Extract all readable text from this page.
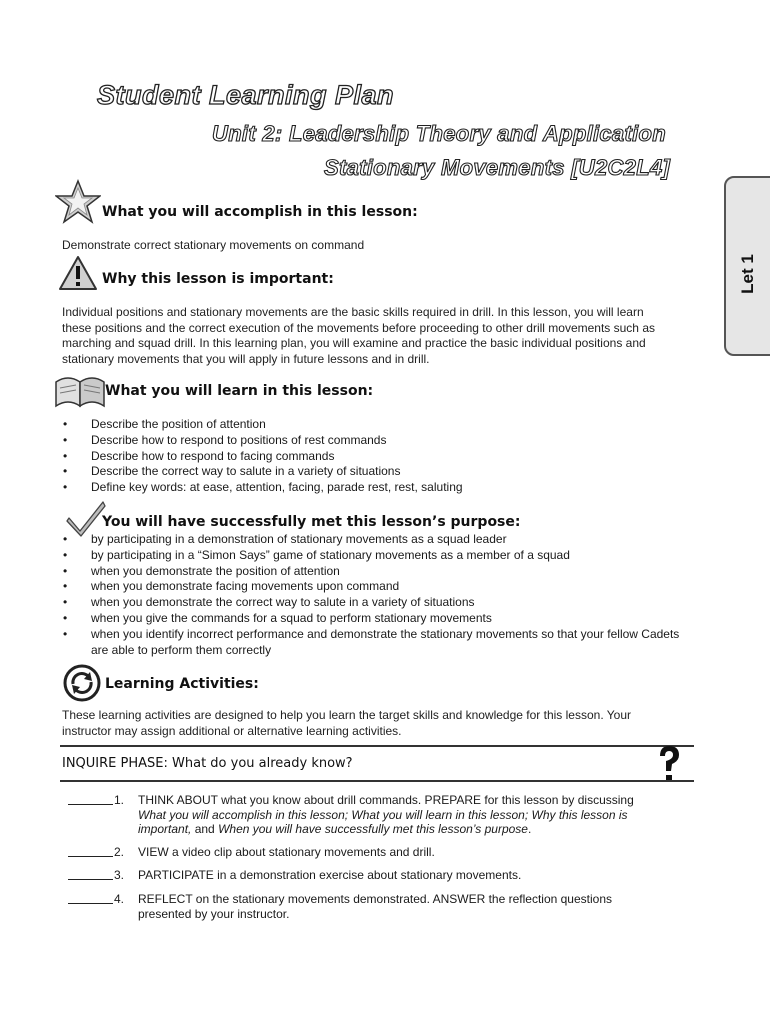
Student Learning Plan
Unit 2: Leadership Theory and Application
Stationary Movements [U2C2L4]
Let 1
What you will accomplish in this lesson:
Demonstrate correct stationary movements on command
Why this lesson is important:
Individual positions and stationary movements are the basic skills required in drill. In this lesson, you will learn these positions and the correct execution of the movements before proceeding to other drill movements such as marching and squad drill. In this learning plan, you will examine and practice the basic individual positions and stationary movements that you will apply in future lessons and in drill.
What you will learn in this lesson:
• Describe the position of attention
• Describe how to respond to positions of rest commands
• Describe how to respond to facing commands
• Describe the correct way to salute in a variety of situations
• Define key words: at ease, attention, facing, parade rest, rest, saluting
You will have successfully met this lesson’s purpose:
• by participating in a demonstration of stationary movements as a squad leader
• by participating in a “Simon Says” game of stationary movements as a member of a squad
• when you demonstrate the position of attention
• when you demonstrate facing movements upon command
• when you demonstrate the correct way to salute in a variety of situations
• when you give the commands for a squad to perform stationary movements
• when you identify incorrect performance and demonstrate the stationary movements so that your fellow Cadets are able to perform them correctly
Learning Activities:
These learning activities are designed to help you learn the target skills and knowledge for this lesson. Your instructor may assign additional or alternative learning activities.
INQUIRE PHASE: What do you already know?
1. THINK ABOUT what you know about drill commands. PREPARE for this lesson by discussing
What you will accomplish in this lesson; What you will learn in this lesson; Why this lesson is important, and When you will have successfully met this lesson’s purpose.
2. VIEW a video clip about stationary movements and drill.
3. PARTICIPATE in a demonstration exercise about stationary movements.
4. REFLECT on the stationary movements demonstrated. ANSWER the reflection questions presented by your instructor.
